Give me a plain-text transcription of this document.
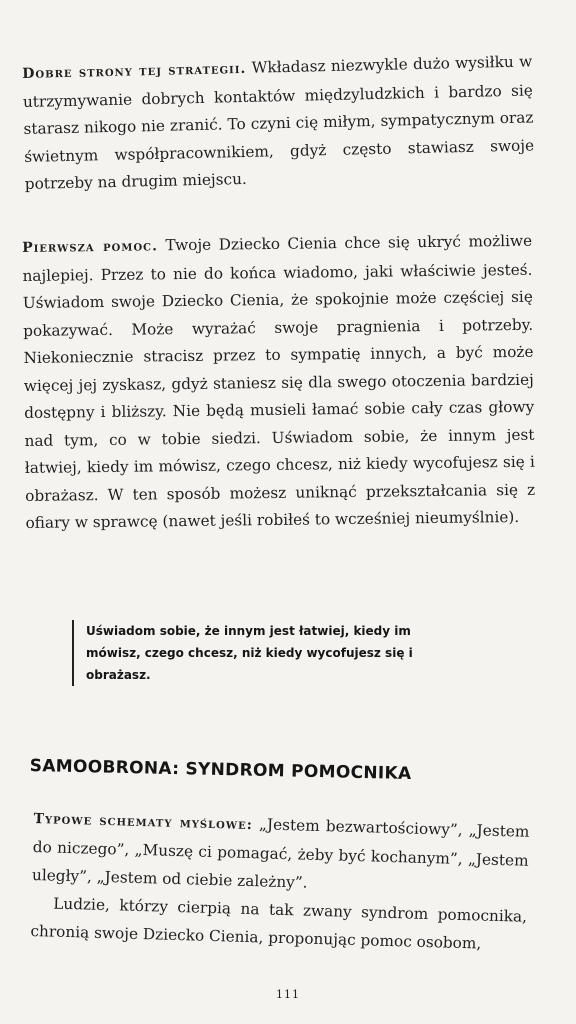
Dobre strony tej strategii. Wkładasz niezwykle dużo wysiłku w utrzymywanie dobrych kontaktów międzyludzkich i bardzo się starasz nikogo nie zranić. To czyni cię miłym, sympatycznym oraz świetnym współpracownikiem, gdyż często stawiasz swoje potrzeby na drugim miejscu.

Pierwsza pomoc. Twoje Dziecko Cienia chce się ukryć możliwe najlepiej. Przez to nie do końca wiadomo, jaki właściwie jesteś. Uświadom swoje Dziecko Cienia, że spokojnie może częściej się pokazywać. Może wyrażać swoje pragnienia i potrzeby. Niekoniecznie stracisz przez to sympatię innych, a być może więcej jej zyskasz, gdyż staniesz się dla swego otoczenia bardziej dostępny i bliższy. Nie będą musieli łamać sobie cały czas głowy nad tym, co w tobie siedzi. Uświadom sobie, że innym jest łatwiej, kiedy im mówisz, czego chcesz, niż kiedy wycofujesz się i obrażasz. W ten sposób możesz uniknąć przekształcania się z ofiary w sprawcę (nawet jeśli robiłeś to wcześniej nieumyślnie).

Uświadom sobie, że innym jest łatwiej, kiedy im mówisz, czego chcesz, niż kiedy wycofujesz się i obrażasz.
SAMOOBRONA: SYNDROM POMOCNIKA

Typowe schematy myślowe: „Jestem bezwartościowy”, „Jestem do niczego”, „Muszę ci pomagać, żeby być kochanym”, „Jestem uległy”, „Jestem od ciebie zależny”.

Ludzie, którzy cierpią na tak zwany syndrom pomocnika, chronią swoje Dziecko Cienia, proponując pomoc osobom,

111
